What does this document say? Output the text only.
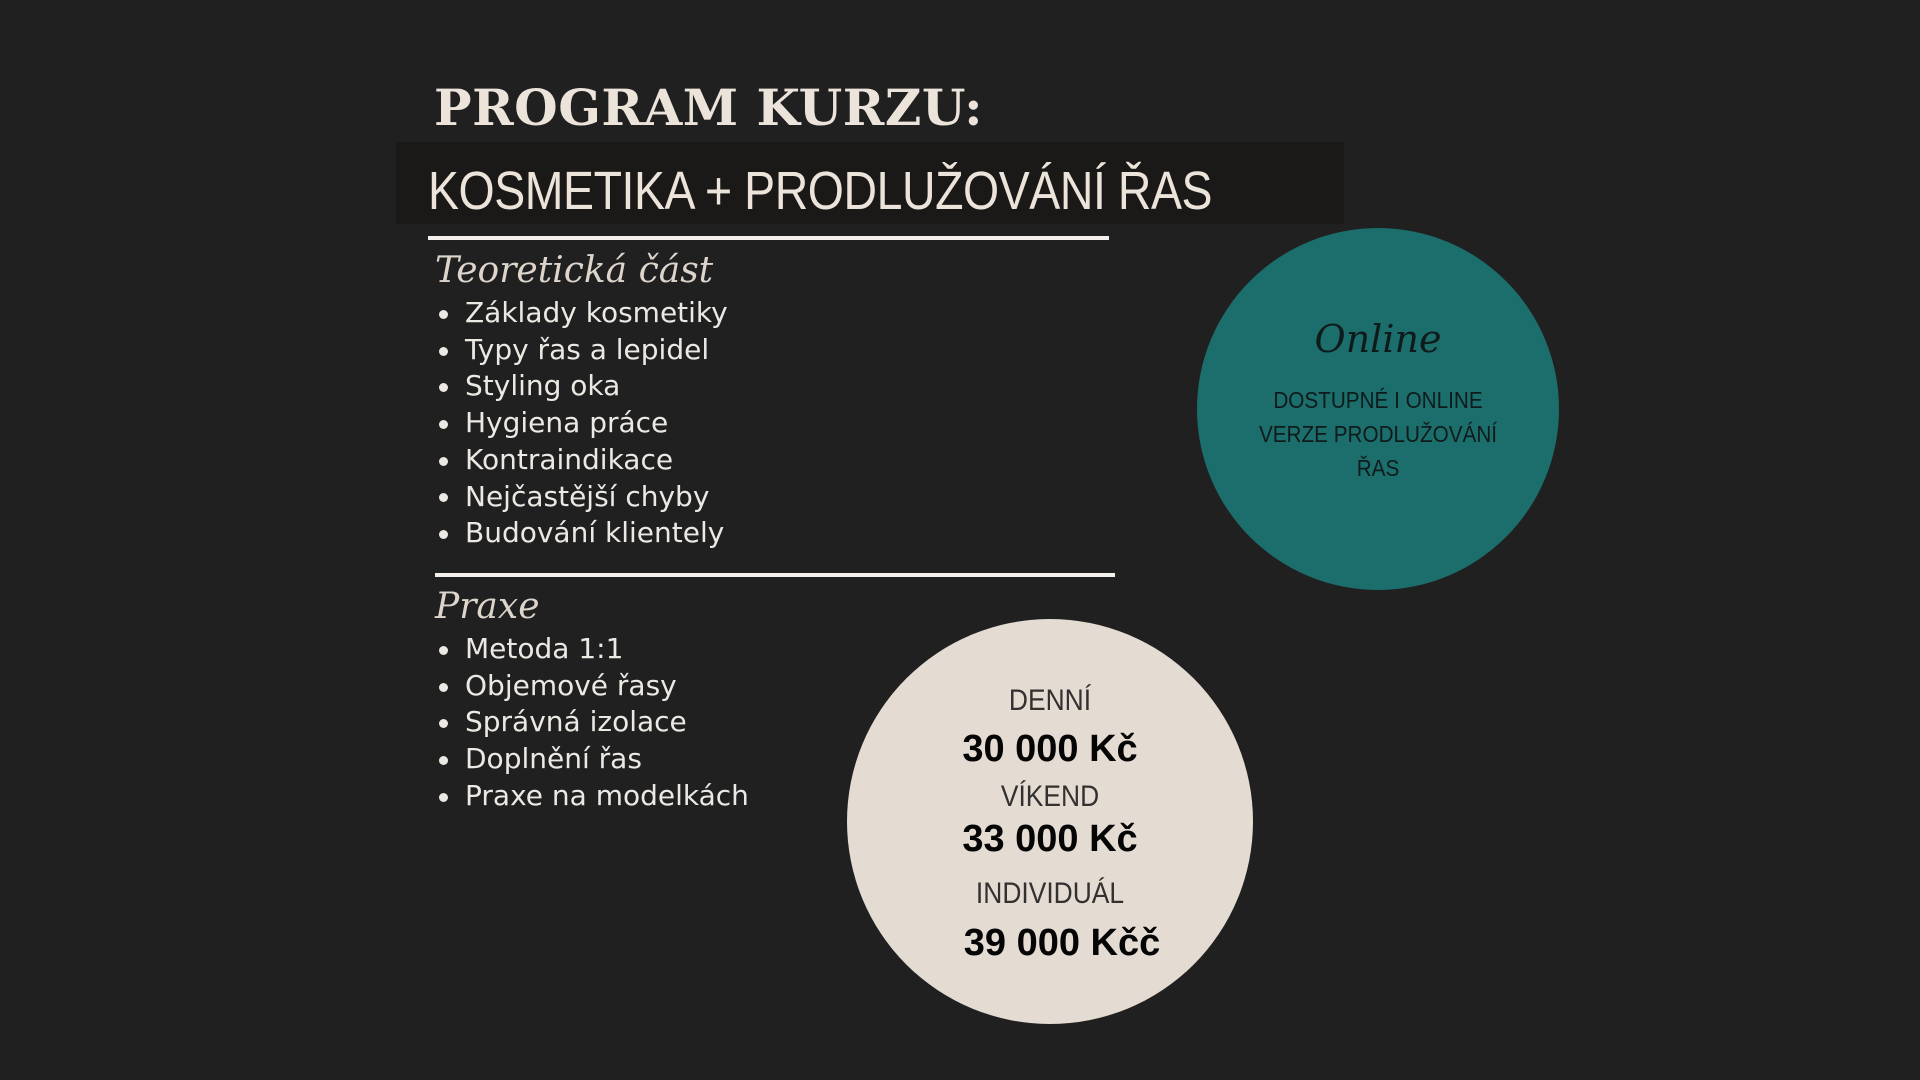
PROGRAM KURZU:
KOSMETIKA + PRODLUŽOVÁNÍ ŘAS
Teoretická část
Základy kosmetiky
Typy řas a lepidel
Styling oka
Hygiena práce
Kontraindikace
Nejčastější chyby
Budování klientely
Praxe
Metoda 1:1
Objemové řasy
Správná izolace
Doplnění řas
Praxe na modelkách
Online

DOSTUPNÉ I ONLINE VERZE PRODLUŽOVÁNÍ ŘAS

DENNÍ
30 000 Kč
VÍKEND
33 000 Kč
INDIVIDUÁL
39 000 Kčč
